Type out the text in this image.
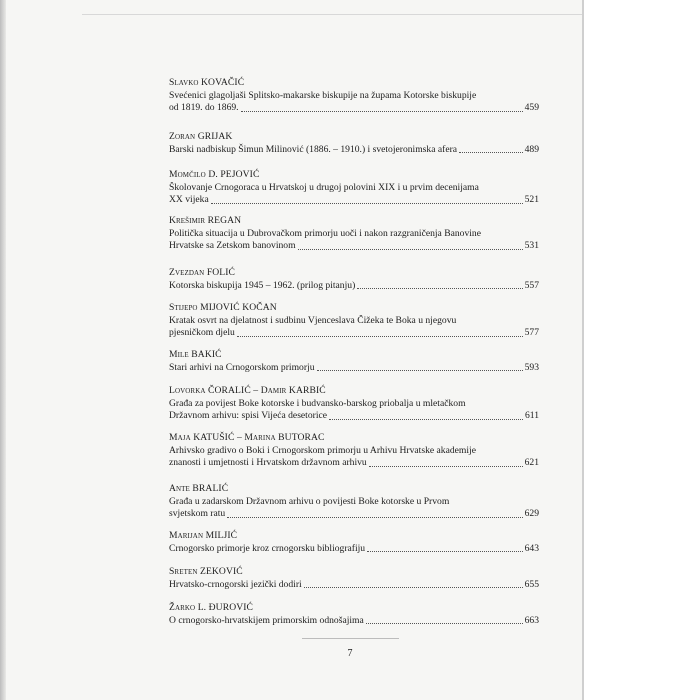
Slavko KOVAČIĆ
Svećenici glagoljaši Splitsko-makarske biskupije na župama Kotorske biskupije
od 1819. do 1869.	459
Zoran GRIJAK
Barski nadbiskup Šimun Milinović (1886. – 1910.) i svetojeronimska afera	489
Momčilo D. PEJOVIĆ
Školovanje Crnogoraca u Hrvatskoj u drugoj polovini XIX i u prvim decenijama
XX vijeka	521
Krešimir REGAN
Politička situacija u Dubrovačkom primorju uoči i nakon razgraničenja Banovine
Hrvatske sa Zetskom banovinom	531
Zvezdan FOLIĆ
Kotorska biskupija 1945 – 1962. (prilog pitanju)	557
Stijepo MIJOVIĆ KOČAN
Kratak osvrt na djelatnost i sudbinu Vjenceslava Čižeka te Boka u njegovu
pjesničkom djelu	577
Mile BAKIĆ
Stari arhivi na Crnogorskom primorju	593
Lovorka ČORALIĆ – Damir KARBIĆ
Građa za povijest Boke kotorske i budvansko-barskog priobalja u mletačkom
Državnom arhivu: spisi Vijeća desetorice	611
Maja KATUŠIĆ – Marina BUTORAC
Arhivsko gradivo o Boki i Crnogorskom primorju u Arhivu Hrvatske akademije
znanosti i umjetnosti i Hrvatskom državnom arhivu	621
Ante BRALIĆ
Građa u zadarskom Državnom arhivu o povijesti Boke kotorske u Prvom
svjetskom ratu	629
Marijan MILJIĆ
Crnogorsko primorje kroz crnogorsku bibliografiju	643
Sreten ZEKOVIĆ
Hrvatsko-crnogorski jezički dodiri	655
Žarko L. ĐUROVIĆ
O crnogorsko-hrvatskijem primorskim odnošajima	663
7
